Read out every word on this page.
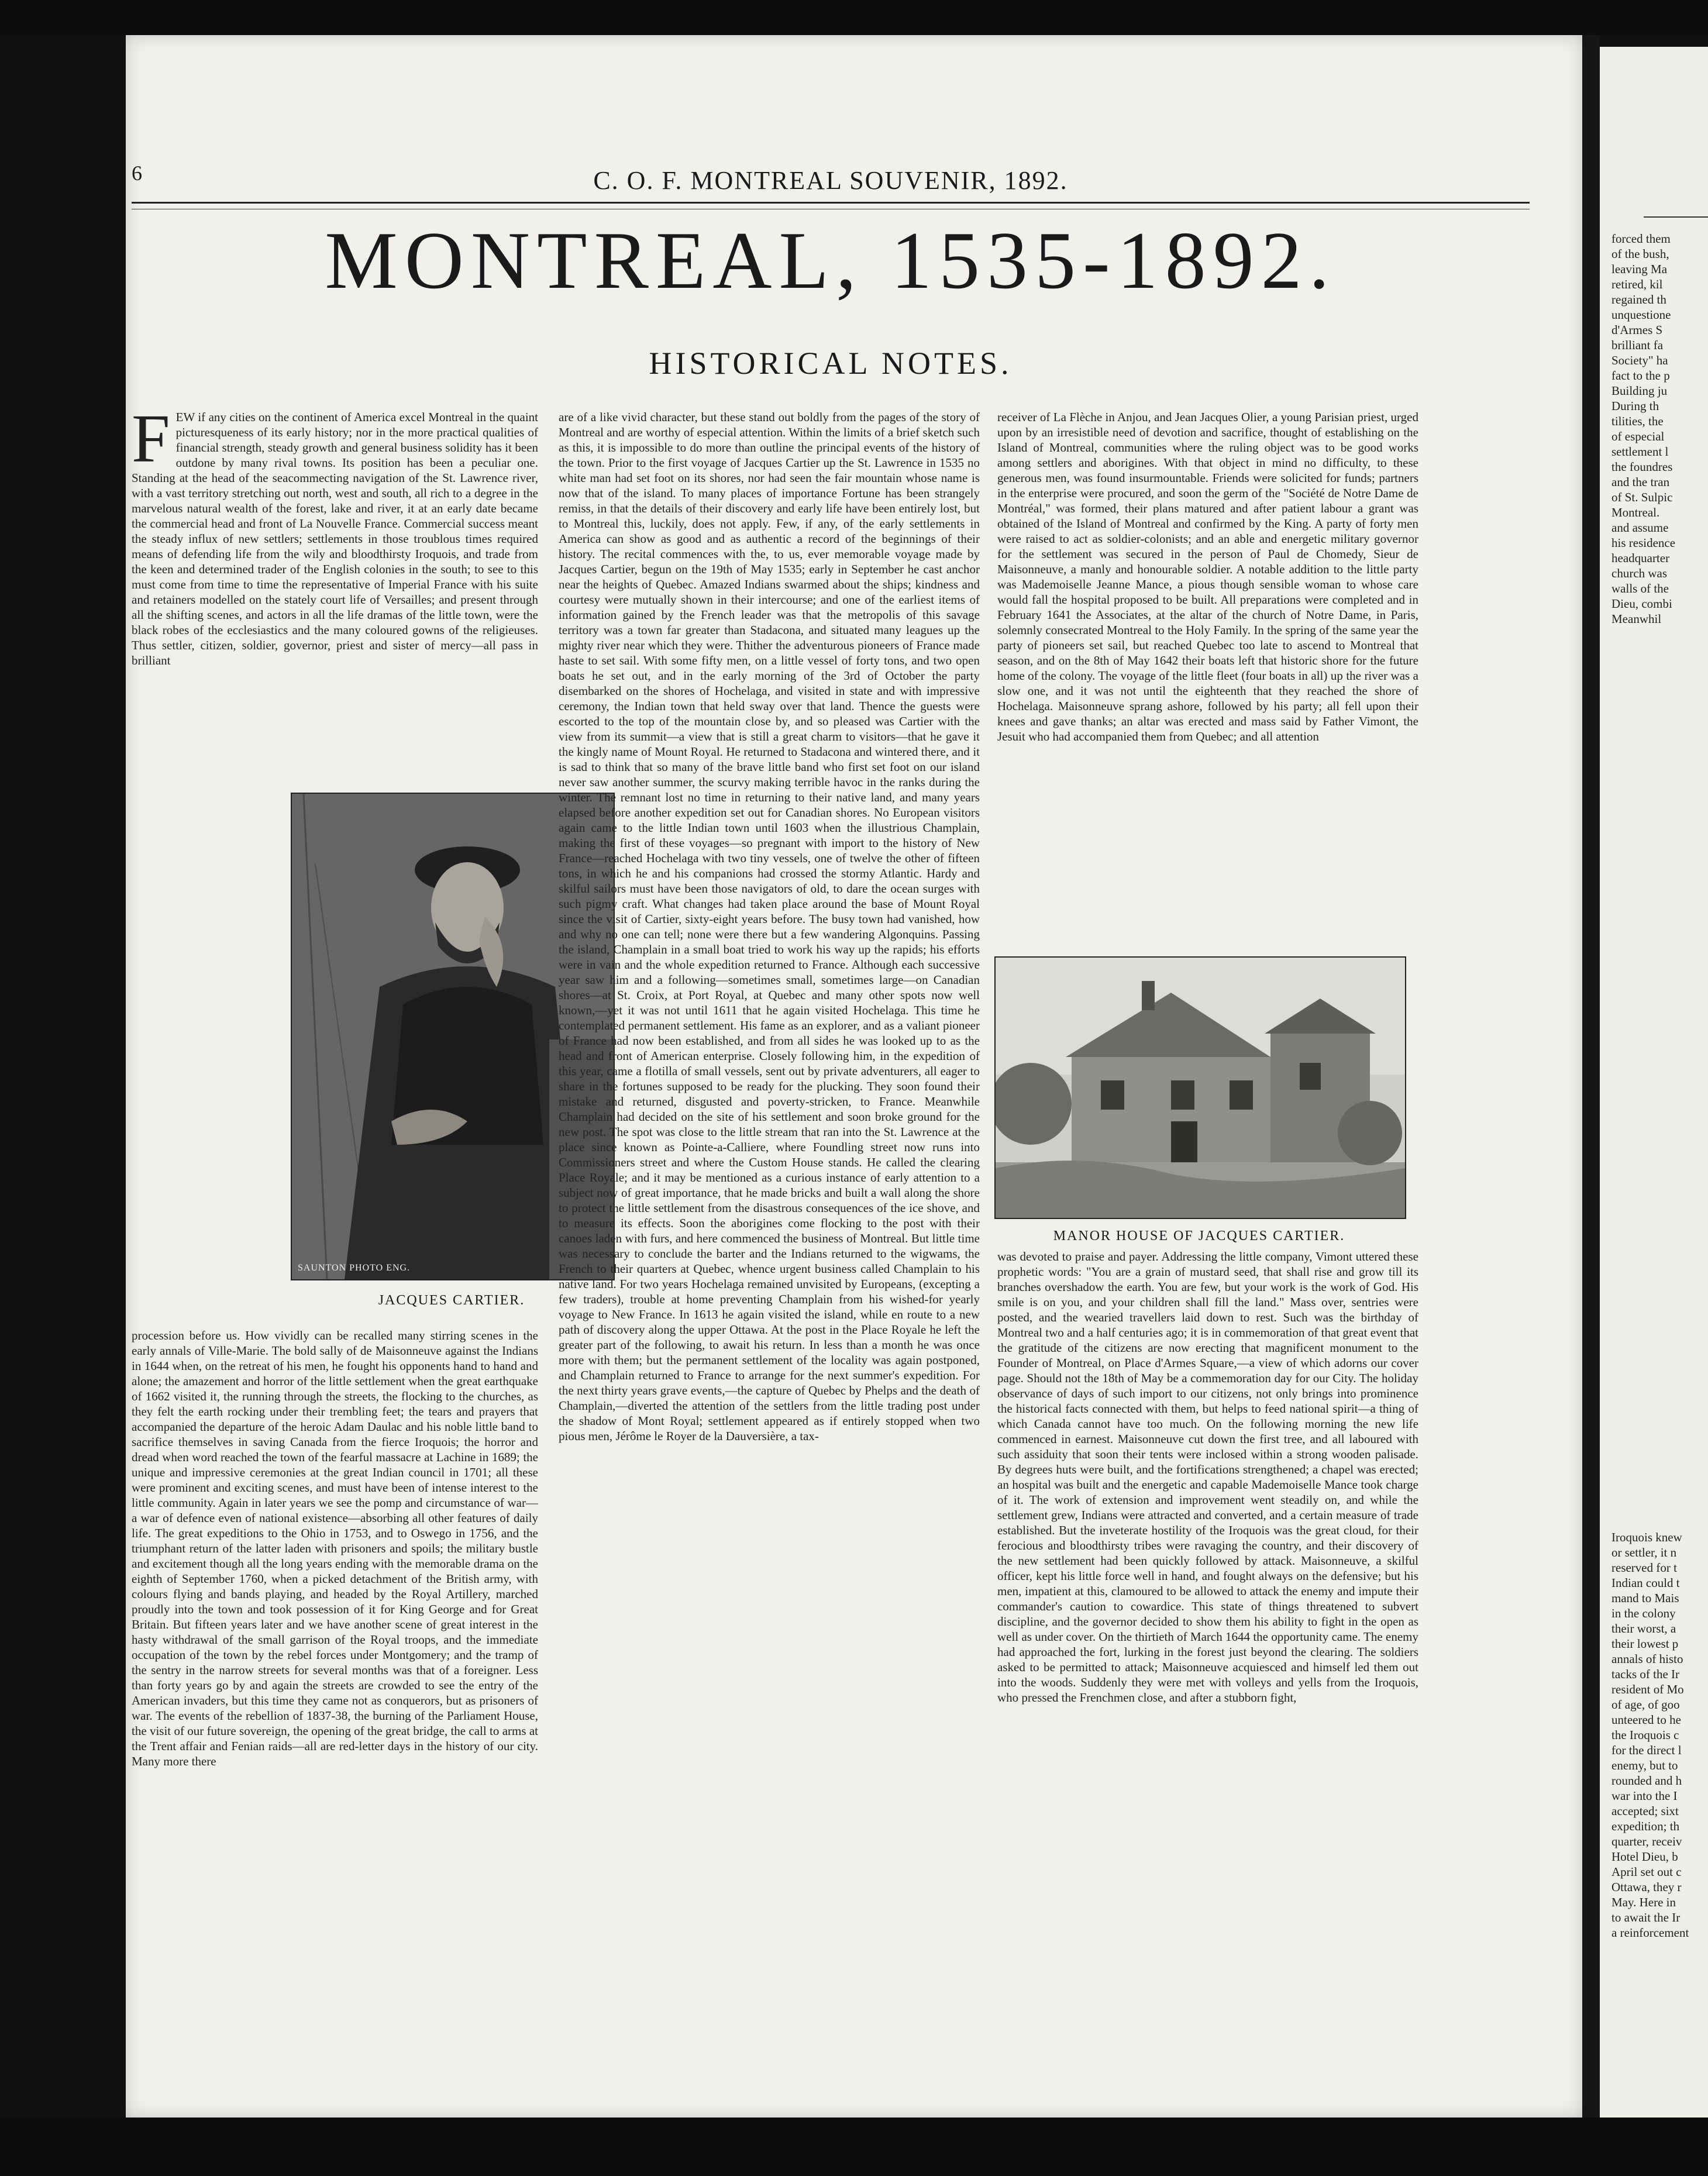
6	C. O. F. MONTREAL SOUVENIR, 1892.
MONTREAL, 1535-1892.
HISTORICAL NOTES.
F EW if any cities on the continent of America excel Montreal in the quaint picturesqueness of its early history; nor in the more practical qualities of financial strength, steady growth and general business solidity has it been outdone by many rival towns. Its position has been a peculiar one. Standing at the head of the seacommecting navigation of the St. Lawrence river, with a vast territory stretching out north, west and south, all rich to a degree in the marvelous natural wealth of the forest, lake and river, it at an early date became the commercial head and front of La Nouvelle France. Commercial success meant the steady influx of new settlers; settlements in those troublous times required means of defending life from the wily and bloodthirsty Iroquois, and trade from the keen and determined trader of the English colonies in the south; to see to this must come from time to time the representative of Imperial France with his suite and retainers modelled on the stately court life of Versailles; and present through all the shifting scenes, and actors in all the life dramas of the little town, were the black robes of the ecclesiastics and the many coloured gowns of the religieuses. Thus settler, citizen, soldier, governor, priest and sister of mercy—all pass in brilliant
SAUNTON PHOTO ENG.
JACQUES CARTIER.
procession before us. How vividly can be recalled many stirring scenes in the early annals of Ville-Marie. The bold sally of de Maisonneuve against the Indians in 1644 when, on the retreat of his men, he fought his opponents hand to hand and alone; the amazement and horror of the little settlement when the great earthquake of 1662 visited it, the running through the streets, the flocking to the churches, as they felt the earth rocking under their trembling feet; the tears and prayers that accompanied the departure of the heroic Adam Daulac and his noble little band to sacrifice themselves in saving Canada from the fierce Iroquois; the horror and dread when word reached the town of the fearful massacre at Lachine in 1689; the unique and impressive ceremonies at the great Indian council in 1701; all these were prominent and exciting scenes, and must have been of intense interest to the little community. Again in later years we see the pomp and circumstance of war—a war of defence even of national existence—absorbing all other features of daily life. The great expeditions to the Ohio in 1753, and to Oswego in 1756, and the triumphant return of the latter laden with prisoners and spoils; the military bustle and excitement though all the long years ending with the memorable drama on the eighth of September 1760, when a picked detachment of the British army, with colours flying and bands playing, and headed by the Royal Artillery, marched proudly into the town and took possession of it for King George and for Great Britain. But fifteen years later and we have another scene of great interest in the hasty withdrawal of the small garrison of the Royal troops, and the immediate occupation of the town by the rebel forces under Montgomery; and the tramp of the sentry in the narrow streets for several months was that of a foreigner. Less than forty years go by and again the streets are crowded to see the entry of the American invaders, but this time they came not as conquerors, but as prisoners of war. The events of the rebellion of 1837-38, the burning of the Parliament House, the visit of our future sovereign, the opening of the great bridge, the call to arms at the Trent affair and Fenian raids—all are red-letter days in the history of our city. Many more there
are of a like vivid character, but these stand out boldly from the pages of the story of Montreal and are worthy of especial attention. Within the limits of a brief sketch such as this, it is impossible to do more than outline the principal events of the history of the town. Prior to the first voyage of Jacques Cartier up the St. Lawrence in 1535 no white man had set foot on its shores, nor had seen the fair mountain whose name is now that of the island. To many places of importance Fortune has been strangely remiss, in that the details of their discovery and early life have been entirely lost, but to Montreal this, luckily, does not apply. Few, if any, of the early settlements in America can show as good and as authentic a record of the beginnings of their history. The recital commences with the, to us, ever memorable voyage made by Jacques Cartier, begun on the 19th of May 1535; early in September he cast anchor near the heights of Quebec. Amazed Indians swarmed about the ships; kindness and courtesy were mutually shown in their intercourse; and one of the earliest items of information gained by the French leader was that the metropolis of this savage territory was a town far greater than Stadacona, and situated many leagues up the mighty river near which they were. Thither the adventurous pioneers of France made haste to set sail. With some fifty men, on a little vessel of forty tons, and two open boats he set out, and in the early morning of the 3rd of October the party disembarked on the shores of Hochelaga, and visited in state and with impressive ceremony, the Indian town that held sway over that land. Thence the guests were escorted to the top of the mountain close by, and so pleased was Cartier with the view from its summit—a view that is still a great charm to visitors—that he gave it the kingly name of Mount Royal. He returned to Stadacona and wintered there, and it is sad to think that so many of the brave little band who first set foot on our island never saw another summer, the scurvy making terrible havoc in the ranks during the winter. The remnant lost no time in returning to their native land, and many years elapsed before another expedition set out for Canadian shores. No European visitors again came to the little Indian town until 1603 when the illustrious Champlain, making the first of these voyages—so pregnant with import to the history of New France—reached Hochelaga with two tiny vessels, one of twelve the other of fifteen tons, in which he and his companions had crossed the stormy Atlantic. Hardy and skilful sailors must have been those navigators of old, to dare the ocean surges with such pigmy craft. What changes had taken place around the base of Mount Royal since the visit of Cartier, sixty-eight years before. The busy town had vanished, how and why no one can tell; none were there but a few wandering Algonquins. Passing the island, Champlain in a small boat tried to work his way up the rapids; his efforts were in vain and the whole expedition returned to France. Although each successive year saw him and a following—sometimes small, sometimes large—on Canadian shores—at St. Croix, at Port Royal, at Quebec and many other spots now well known,—yet it was not until 1611 that he again visited Hochelaga. This time he contemplated permanent settlement. His fame as an explorer, and as a valiant pioneer of France had now been established, and from all sides he was looked up to as the head and front of American enterprise. Closely following him, in the expedition of this year, came a flotilla of small vessels, sent out by private adventurers, all eager to share in the fortunes supposed to be ready for the plucking. They soon found their mistake and returned, disgusted and poverty-stricken, to France. Meanwhile Champlain had decided on the site of his settlement and soon broke ground for the new post. The spot was close to the little stream that ran into the St. Lawrence at the place since known as Pointe-a-Calliere, where Foundling street now runs into Commissioners street and where the Custom House stands. He called the clearing Place Royale; and it may be mentioned as a curious instance of early attention to a subject now of great importance, that he made bricks and built a wall along the shore to protect the little settlement from the disastrous consequences of the ice shove, and to measure its effects. Soon the aborigines come flocking to the post with their canoes laden with furs, and here commenced the business of Montreal. But little time was necessary to conclude the barter and the Indians returned to the wigwams, the French to their quarters at Quebec, whence urgent business called Champlain to his native land. For two years Hochelaga remained unvisited by Europeans, (excepting a few traders), trouble at home preventing Champlain from his wished-for yearly voyage to New France. In 1613 he again visited the island, while en route to a new path of discovery along the upper Ottawa. At the post in the Place Royale he left the greater part of the following, to await his return. In less than a month he was once more with them; but the permanent settlement of the locality was again postponed, and Champlain returned to France to arrange for the next summer's expedition. For the next thirty years grave events,—the capture of Quebec by Phelps and the death of Champlain,—diverted the attention of the settlers from the little trading post under the shadow of Mont Royal; settlement appeared as if entirely stopped when two pious men, Jérôme le Royer de la Dauversière, a tax-
receiver of La Flèche in Anjou, and Jean Jacques Olier, a young Parisian priest, urged upon by an irresistible need of devotion and sacrifice, thought of establishing on the Island of Montreal, communities where the ruling object was to be good works among settlers and aborigines. With that object in mind no difficulty, to these generous men, was found insurmountable. Friends were solicited for funds; partners in the enterprise were procured, and soon the germ of the "Société de Notre Dame de Montréal," was formed, their plans matured and after patient labour a grant was obtained of the Island of Montreal and confirmed by the King. A party of forty men were raised to act as soldier-colonists; and an able and energetic military governor for the settlement was secured in the person of Paul de Chomedy, Sieur de Maisonneuve, a manly and honourable soldier. A notable addition to the little party was Mademoiselle Jeanne Mance, a pious though sensible woman to whose care would fall the hospital proposed to be built. All preparations were completed and in February 1641 the Associates, at the altar of the church of Notre Dame, in Paris, solemnly consecrated Montreal to the Holy Family. In the spring of the same year the party of pioneers set sail, but reached Quebec too late to ascend to Montreal that season, and on the 8th of May 1642 their boats left that historic shore for the future home of the colony. The voyage of the little fleet (four boats in all) up the river was a slow one, and it was not until the eighteenth that they reached the shore of Hochelaga. Maisonneuve sprang ashore, followed by his party; all fell upon their knees and gave thanks; an altar was erected and mass said by Father Vimont, the Jesuit who had accompanied them from Quebec; and all attention
MANOR HOUSE OF JACQUES CARTIER.
was devoted to praise and payer. Addressing the little company, Vimont uttered these prophetic words: "You are a grain of mustard seed, that shall rise and grow till its branches overshadow the earth. You are few, but your work is the work of God. His smile is on you, and your children shall fill the land." Mass over, sentries were posted, and the wearied travellers laid down to rest. Such was the birthday of Montreal two and a half centuries ago; it is in commemoration of that great event that the gratitude of the citizens are now erecting that magnificent monument to the Founder of Montreal, on Place d'Armes Square,—a view of which adorns our cover page. Should not the 18th of May be a commemoration day for our City. The holiday observance of days of such import to our citizens, not only brings into prominence the historical facts connected with them, but helps to feed national spirit—a thing of which Canada cannot have too much. On the following morning the new life commenced in earnest. Maisonneuve cut down the first tree, and all laboured with such assiduity that soon their tents were inclosed within a strong wooden palisade. By degrees huts were built, and the fortifications strengthened; a chapel was erected; an hospital was built and the energetic and capable Mademoiselle Mance took charge of it. The work of extension and improvement went steadily on, and while the settlement grew, Indians were attracted and converted, and a certain measure of trade established. But the inveterate hostility of the Iroquois was the great cloud, for their ferocious and bloodthirsty tribes were ravaging the country, and their discovery of the new settlement had been quickly followed by attack. Maisonneuve, a skilful officer, kept his little force well in hand, and fought always on the defensive; but his men, impatient at this, clamoured to be allowed to attack the enemy and impute their commander's caution to cowardice. This state of things threatened to subvert discipline, and the governor decided to show them his ability to fight in the open as well as under cover. On the thirtieth of March 1644 the opportunity came. The enemy had approached the fort, lurking in the forest just beyond the clearing. The soldiers asked to be permitted to attack; Maisonneuve acquiesced and himself led them out into the woods. Suddenly they were met with volleys and yells from the Iroquois, who pressed the Frenchmen close, and after a stubborn fight,
forced them
of the bush,
leaving Ma
retired, kil
regained th
unquestione
d'Armes S
brilliant fa
Society" ha
fact to the p
Building ju
During th
tilities, the
of especial
settlement l
the foundres
and the tran
of St. Sulpic
Montreal.
and assume
his residence
headquarter
church was
walls of the
Dieu, combi
Meanwhil
Iroquois knew
or settler, it n
reserved for t
Indian could t
mand to Mais
in the colony
their worst, a
their lowest p
annals of histo
tacks of the Ir
resident of Mo
of age, of goo
unteered to he
the Iroquois c
for the direct l
enemy, but to
rounded and h
war into the I
accepted; sixt
expedition; th
quarter, receiv
Hotel Dieu, b
April set out c
Ottawa, they r
May. Here in
to await the Ir
a reinforcement
